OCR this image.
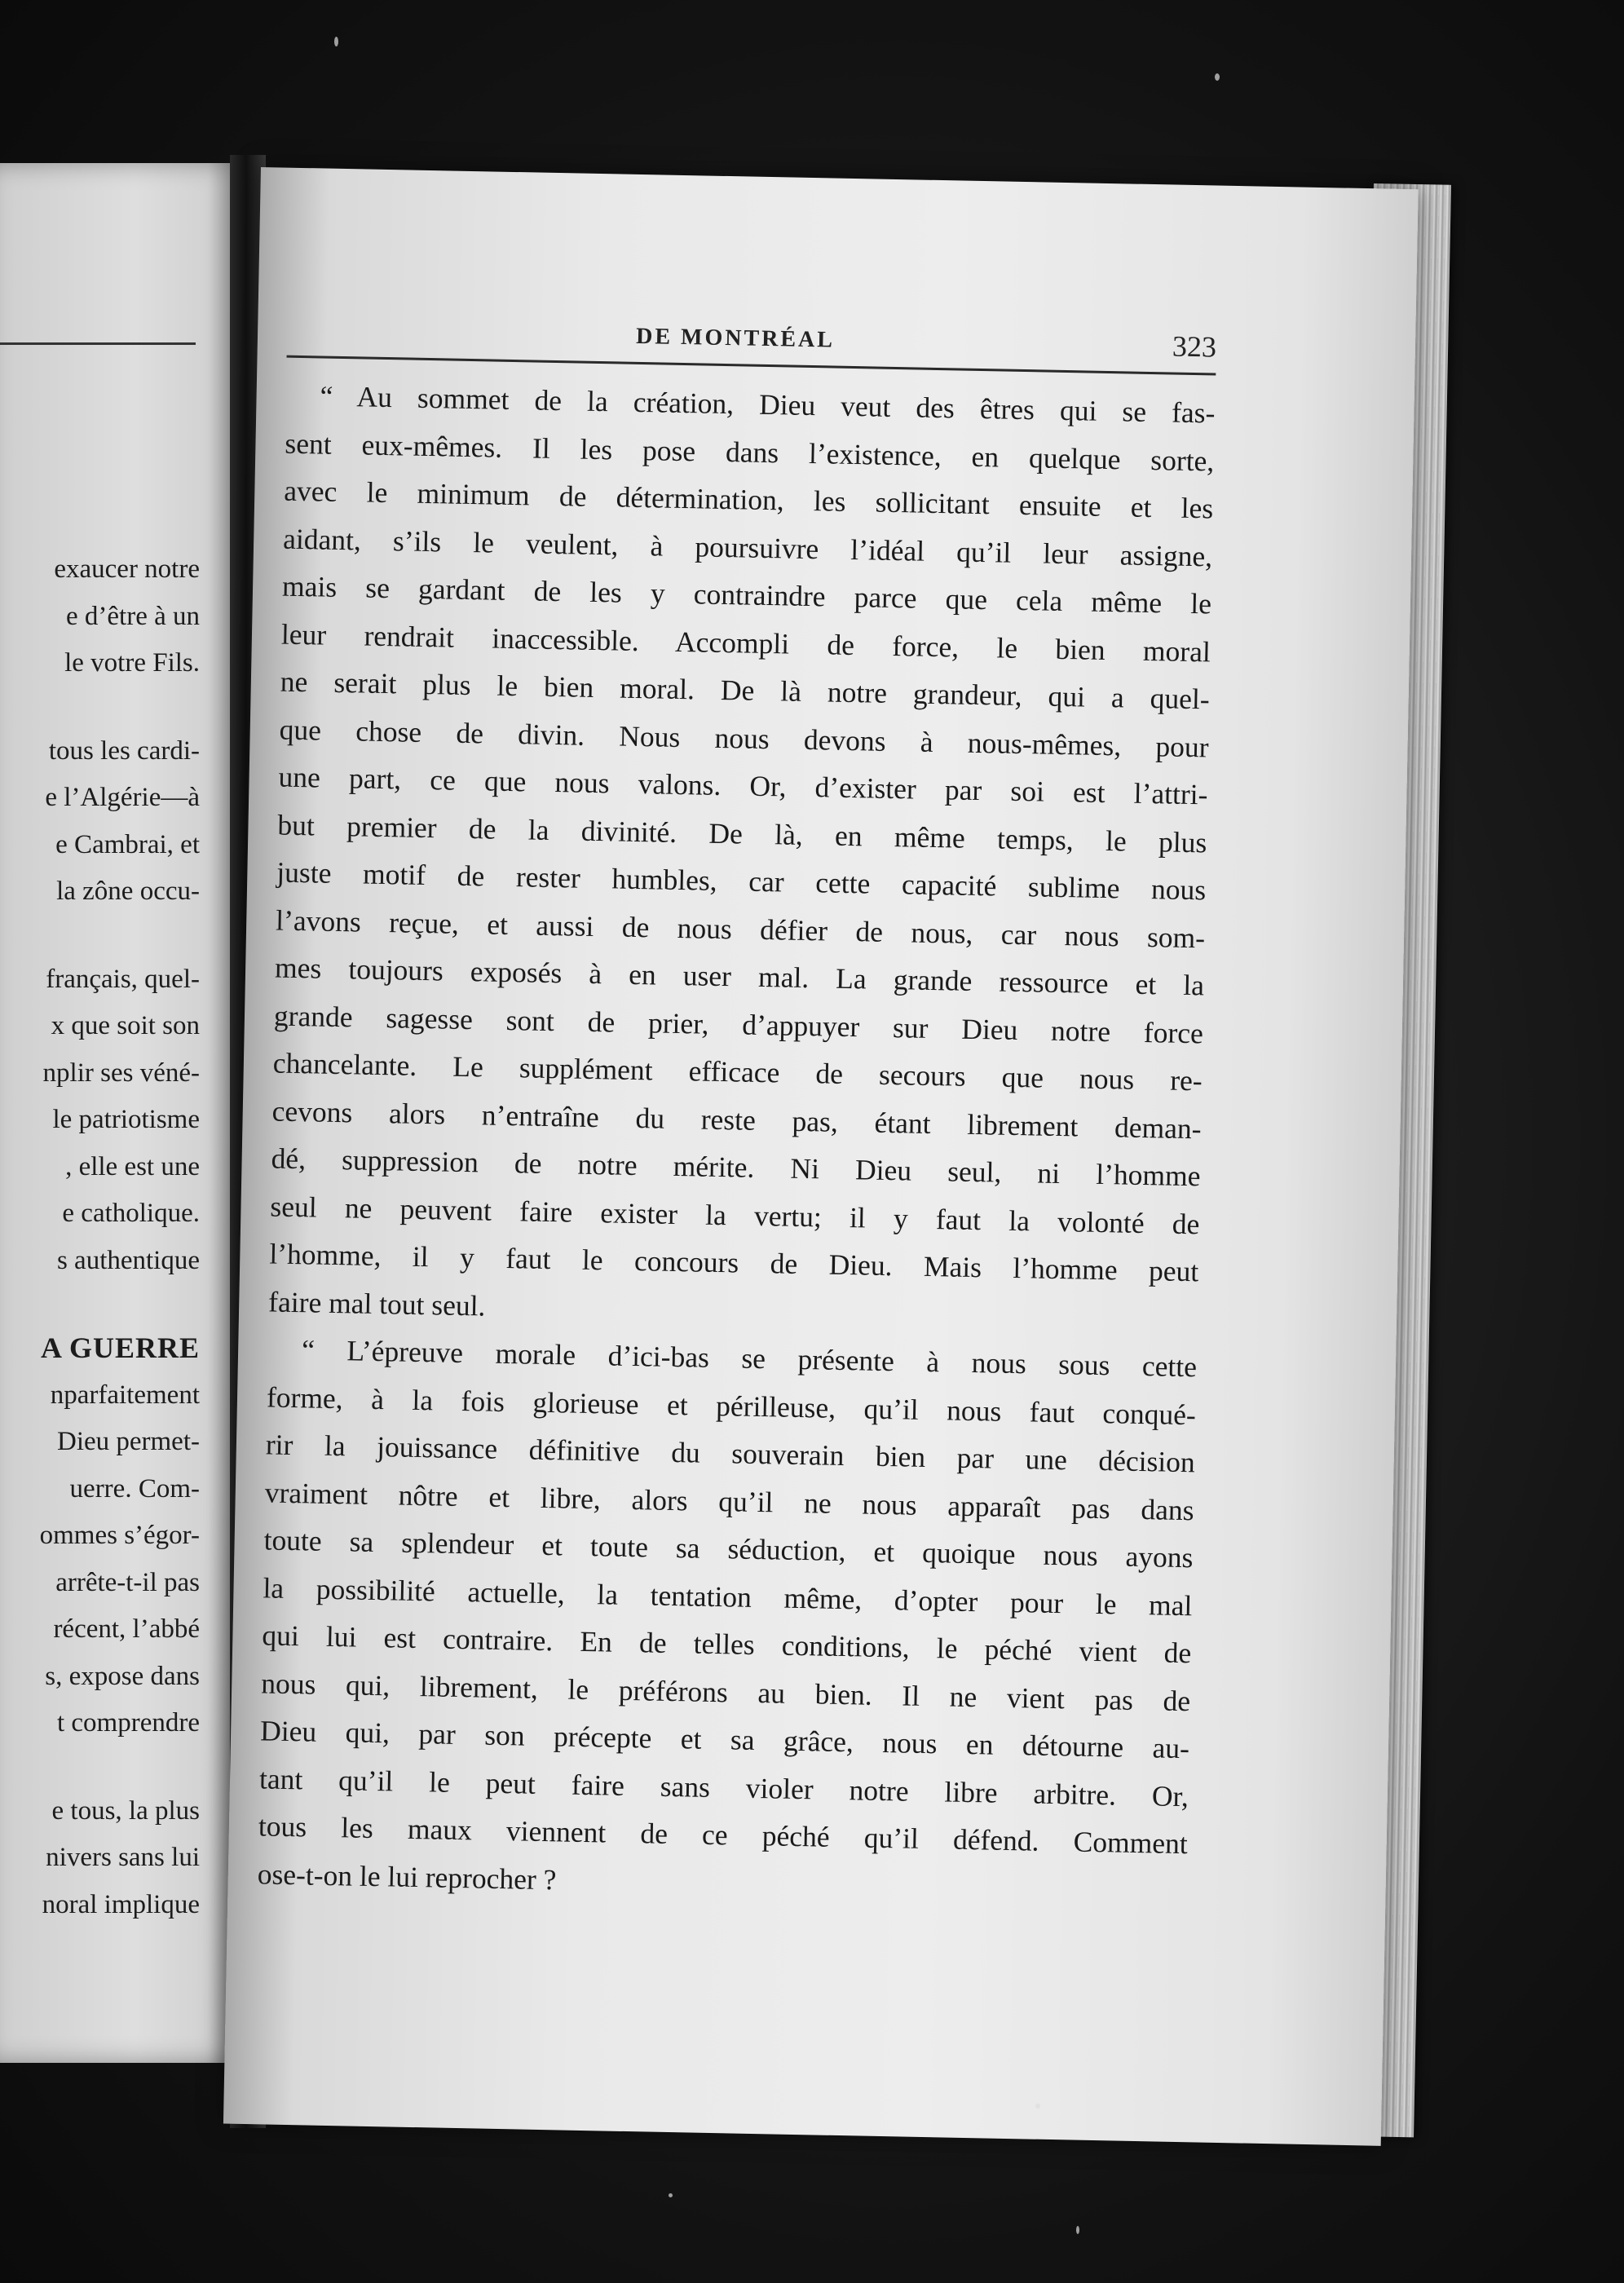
exaucer notre
e d’être à un
le votre Fils.
tous les cardi-
e l’Algérie—à
e Cambrai, et
la zône occu-
français, quel-
x que soit son
nplir ses véné-
le patriotisme
, elle est une
e catholique.
s authentique
A GUERRE
nparfaitement
Dieu permet-
uerre. Com-
ommes s’égor-
arrête-t-il pas
récent, l’abbé
s, expose dans
t comprendre
e tous, la plus
nivers sans lui
noral implique
DE MONTRÉAL	323
“ Au sommet de la création, Dieu veut des êtres qui se fas-
sent eux-mêmes. Il les pose dans l’existence, en quelque sorte,
avec le minimum de détermination, les sollicitant ensuite et les
aidant, s’ils le veulent, à poursuivre l’idéal qu’il leur assigne,
mais se gardant de les y contraindre parce que cela même le
leur rendrait inaccessible. Accompli de force, le bien moral
ne serait plus le bien moral. De là notre grandeur, qui a quel-
que chose de divin. Nous nous devons à nous-mêmes, pour
une part, ce que nous valons. Or, d’exister par soi est l’attri-
but premier de la divinité. De là, en même temps, le plus
juste motif de rester humbles, car cette capacité sublime nous
l’avons reçue, et aussi de nous défier de nous, car nous som-
mes toujours exposés à en user mal. La grande ressource et la
grande sagesse sont de prier, d’appuyer sur Dieu notre force
chancelante. Le supplément efficace de secours que nous re-
cevons alors n’entraîne du reste pas, étant librement deman-
dé, suppression de notre mérite. Ni Dieu seul, ni l’homme
seul ne peuvent faire exister la vertu; il y faut la volonté de
l’homme, il y faut le concours de Dieu. Mais l’homme peut
faire mal tout seul.
“ L’épreuve morale d’ici-bas se présente à nous sous cette
forme, à la fois glorieuse et périlleuse, qu’il nous faut conqué-
rir la jouissance définitive du souverain bien par une décision
vraiment nôtre et libre, alors qu’il ne nous apparaît pas dans
toute sa splendeur et toute sa séduction, et quoique nous ayons
la possibilité actuelle, la tentation même, d’opter pour le mal
qui lui est contraire. En de telles conditions, le péché vient de
nous qui, librement, le préférons au bien. Il ne vient pas de
Dieu qui, par son précepte et sa grâce, nous en détourne au-
tant qu’il le peut faire sans violer notre libre arbitre. Or,
tous les maux viennent de ce péché qu’il défend. Comment
ose-t-on le lui reprocher ?
